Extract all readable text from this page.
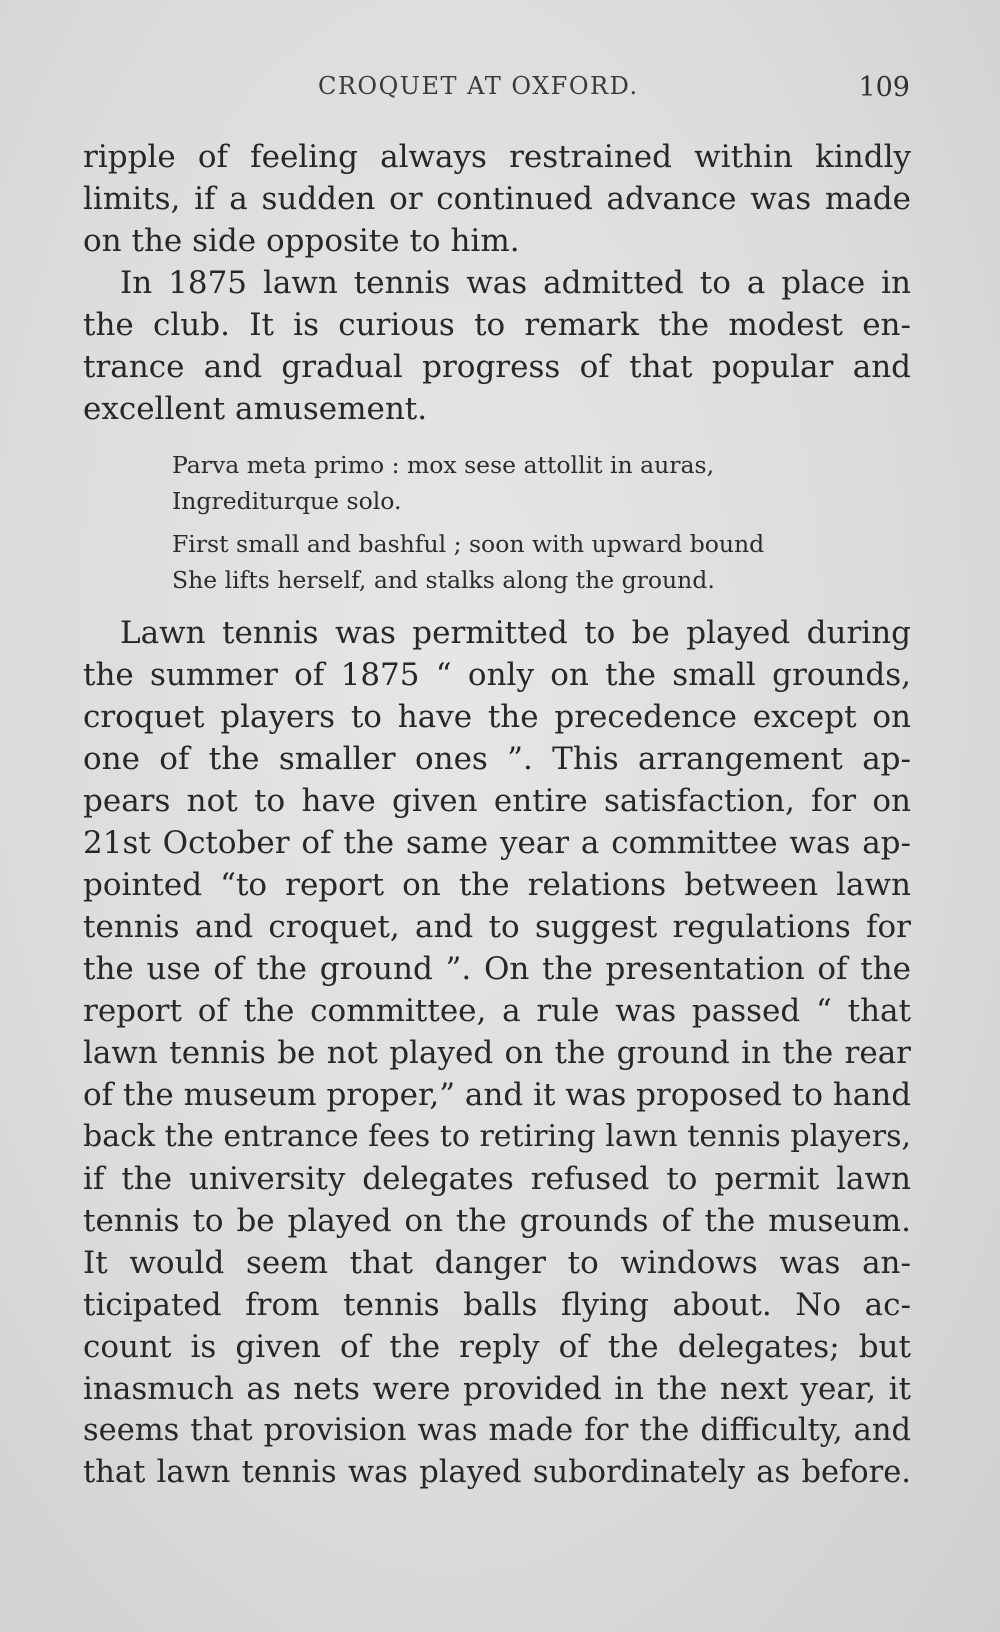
CROQUET AT OXFORD.	109
ripple of feeling always restrained within kindly
limits, if a sudden or continued advance was made
on the side opposite to him.
In 1875 lawn tennis was admitted to a place in
the club. It is curious to remark the modest en-
trance and gradual progress of that popular and
excellent amusement.
Parva meta primo : mox sese attollit in auras,
Ingrediturque solo.
First small and bashful ; soon with upward bound
She lifts herself, and stalks along the ground.
Lawn tennis was permitted to be played during
the summer of 1875 “ only on the small grounds,
croquet players to have the precedence except on
one of the smaller ones ”. This arrangement ap-
pears not to have given entire satisfaction, for on
21st October of the same year a committee was ap-
pointed “to report on the relations between lawn
tennis and croquet, and to suggest regulations for
the use of the ground ”. On the presentation of the
report of the committee, a rule was passed “ that
lawn tennis be not played on the ground in the rear
of the museum proper,” and it was proposed to hand
back the entrance fees to retiring lawn tennis players,
if the university delegates refused to permit lawn
tennis to be played on the grounds of the museum.
It would seem that danger to windows was an-
ticipated from tennis balls flying about. No ac-
count is given of the reply of the delegates; but
inasmuch as nets were provided in the next year, it
seems that provision was made for the difficulty, and
that lawn tennis was played subordinately as before.
